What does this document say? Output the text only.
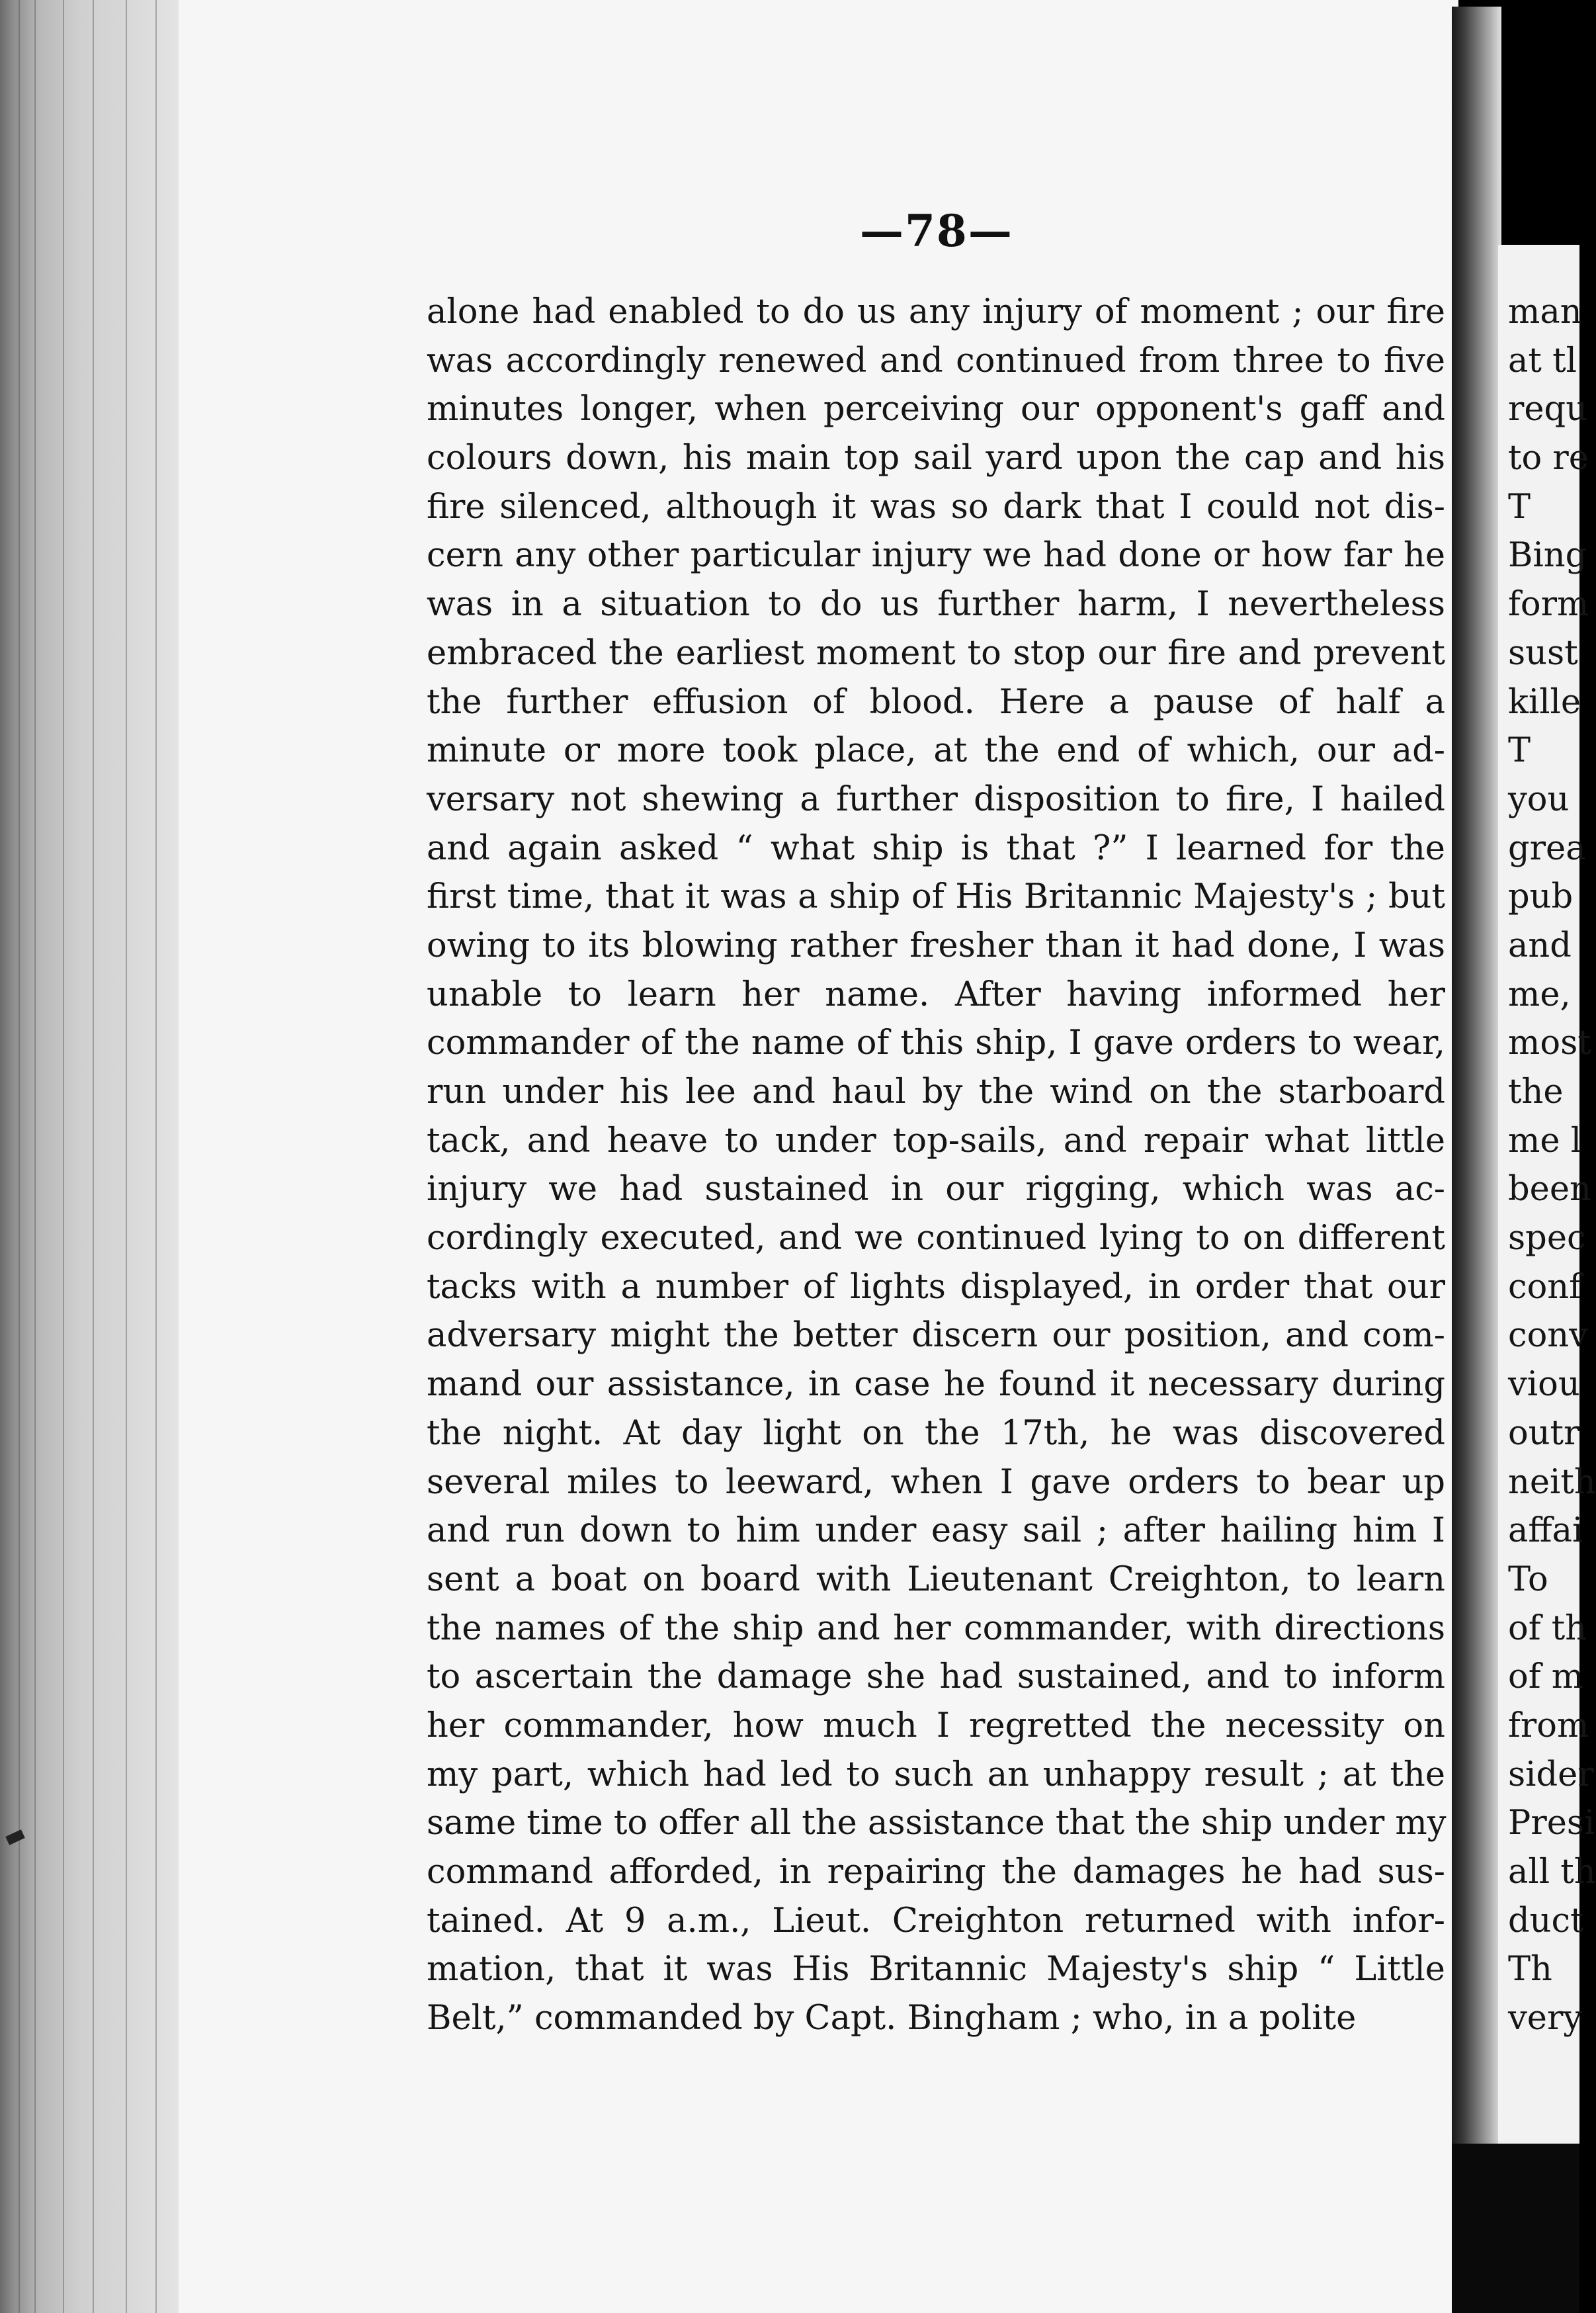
—78—
alone had enabled to do us any injury of moment ; our fire
was accordingly renewed and continued from three to five
minutes longer, when perceiving our opponent's gaff and
colours down, his main top sail yard upon the cap and his
fire silenced, although it was so dark that I could not dis-
cern any other particular injury we had done or how far he
was in a situation to do us further harm, I nevertheless
embraced the earliest moment to stop our fire and prevent
the further effusion of blood. Here a pause of half a
minute or more took place, at the end of which, our ad-
versary not shewing a further disposition to fire, I hailed
and again asked “ what ship is that ?” I learned for the
first time, that it was a ship of His Britannic Majesty's ; but
owing to its blowing rather fresher than it had done, I was
unable to learn her name. After having informed her
commander of the name of this ship, I gave orders to wear,
run under his lee and haul by the wind on the starboard
tack, and heave to under top-sails, and repair what little
injury we had sustained in our rigging, which was ac-
cordingly executed, and we continued lying to on different
tacks with a number of lights displayed, in order that our
adversary might the better discern our position, and com-
mand our assistance, in case he found it necessary during
the night. At day light on the 17th, he was discovered
several miles to leeward, when I gave orders to bear up
and run down to him under easy sail ; after hailing him I
sent a boat on board with Lieutenant Creighton, to learn
the names of the ship and her commander, with directions
to ascertain the damage she had sustained, and to inform
her commander, how much I regretted the necessity on
my part, which had led to such an unhappy result ; at the
same time to offer all the assistance that the ship under my
command afforded, in repairing the damages he had sus-
tained. At 9 a.m., Lieut. Creighton returned with infor-
mation, that it was His Britannic Majesty's ship “ Little
Belt,” commanded by Capt. Bingham ; who, in a polite
man
at tl
requ
to re
T
Bing
form
sust
kille
T
you
grea
pub
and
me,
most
the
me l
been
spec
conf
conv
viou
outr
neith
affai
To
of th
of m
from
sider
Presi
all th
duct
Th
very
